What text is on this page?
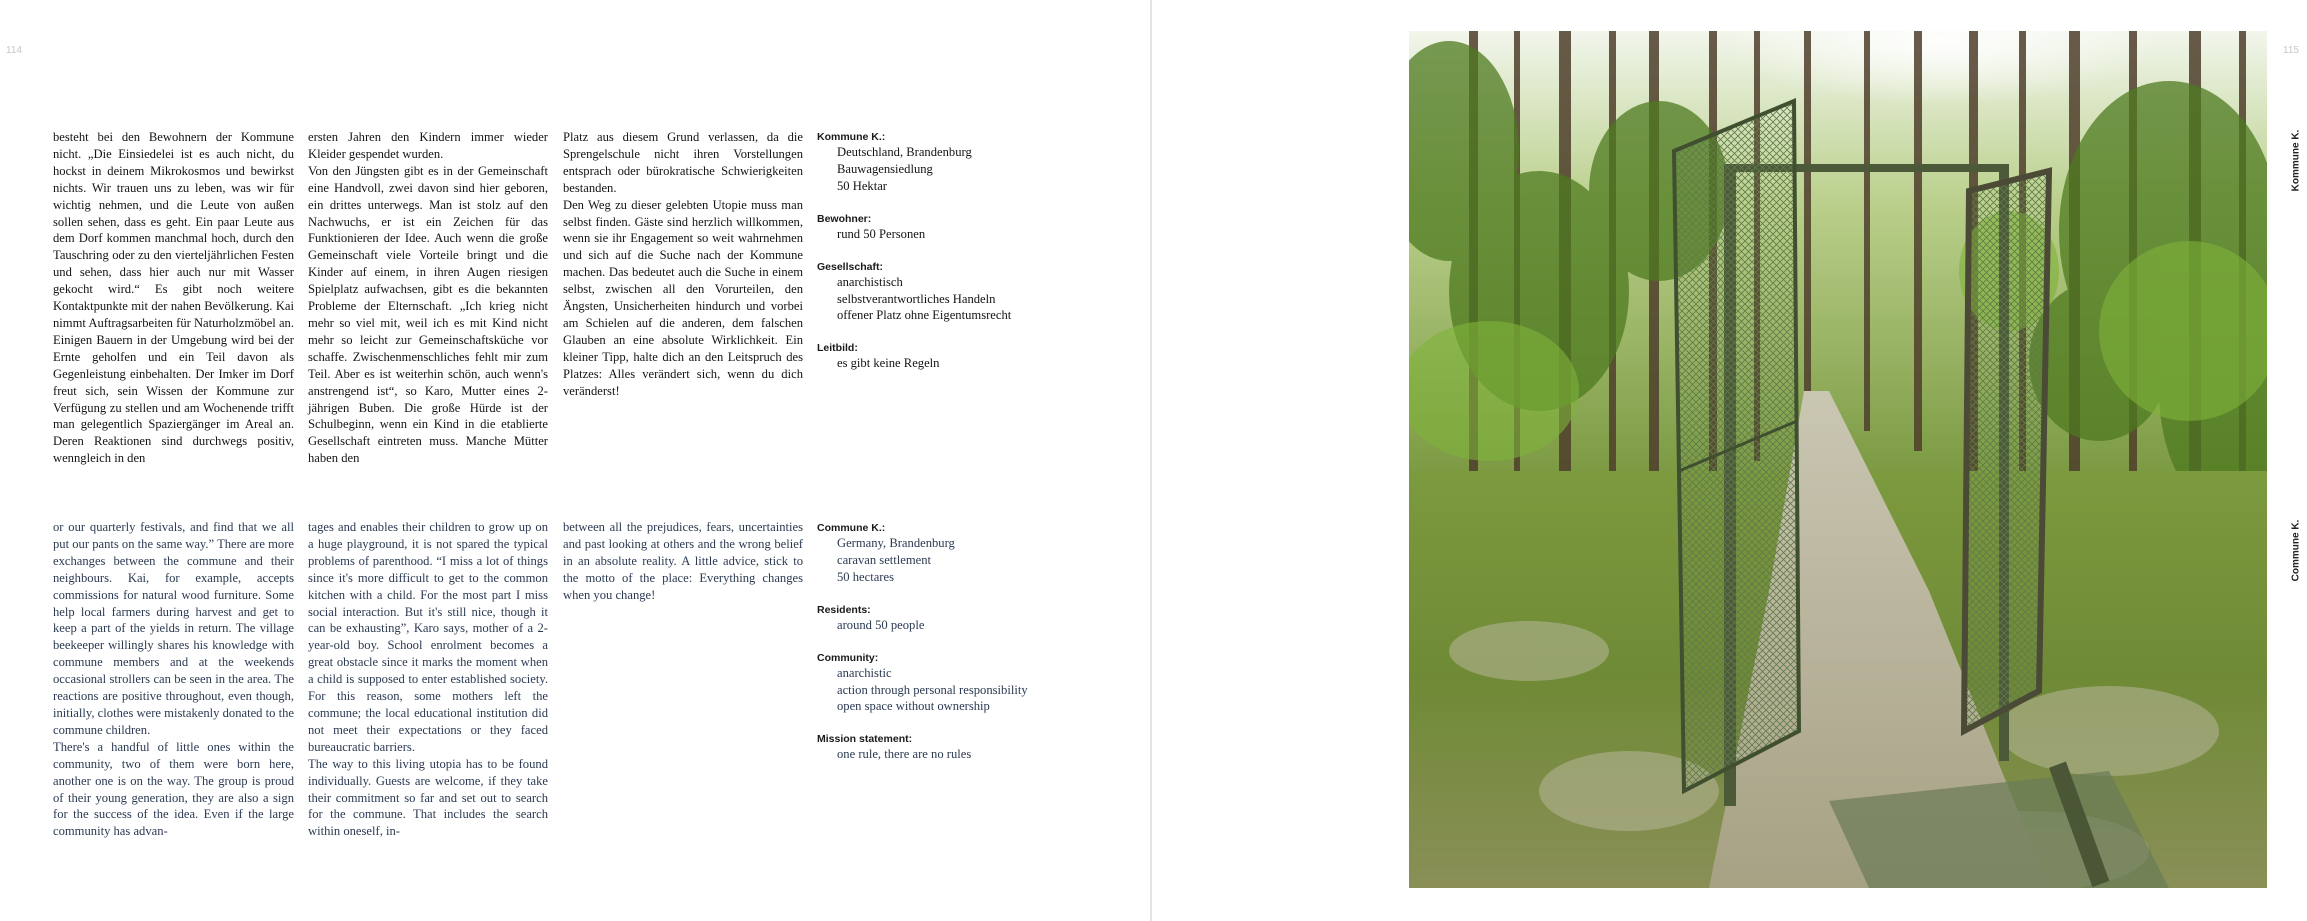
114	115

besteht bei den Bewohnern der Kommune nicht. „Die Einsiedelei ist es auch nicht, du hockst in deinem Mikrokosmos und bewirkst nichts. Wir trauen uns zu leben, was wir für wichtig nehmen, und die Leute von außen sollen sehen, dass es geht. Ein paar Leute aus dem Dorf kommen manchmal hoch, durch den Tauschring oder zu den vierteljährlichen Festen und sehen, dass hier auch nur mit Wasser gekocht wird.“ Es gibt noch weitere Kontaktpunkte mit der nahen Bevölkerung. Kai nimmt Auftragsarbeiten für Naturholzmöbel an. Einigen Bauern in der Umgebung wird bei der Ernte geholfen und ein Teil davon als Gegenleistung einbehalten. Der Imker im Dorf freut sich, sein Wissen der Kommune zur Verfügung zu stellen und am Wochenende trifft man gelegentlich Spaziergänger im Areal an. Deren Reaktionen sind durchwegs positiv, wenngleich in den

ersten Jahren den Kindern immer wieder Kleider gespendet wurden.
Von den Jüngsten gibt es in der Gemeinschaft eine Handvoll, zwei davon sind hier geboren, ein drittes unterwegs. Man ist stolz auf den Nachwuchs, er ist ein Zeichen für das Funktionieren der Idee. Auch wenn die große Gemeinschaft viele Vorteile bringt und die Kinder auf einem, in ihren Augen riesigen Spielplatz aufwachsen, gibt es die bekannten Probleme der Elternschaft. „Ich krieg nicht mehr so viel mit, weil ich es mit Kind nicht mehr so leicht zur Gemeinschaftsküche vor schaffe. Zwischenmenschliches fehlt mir zum Teil. Aber es ist weiterhin schön, auch wenn's anstrengend ist“, so Karo, Mutter eines 2-jährigen Buben. Die große Hürde ist der Schulbeginn, wenn ein Kind in die etablierte Gesellschaft eintreten muss. Manche Mütter haben den

Platz aus diesem Grund verlassen, da die Sprengelschule nicht ihren Vorstellungen entsprach oder bürokratische Schwierigkeiten bestanden.
Den Weg zu dieser gelebten Utopie muss man selbst finden. Gäste sind herzlich willkommen, wenn sie ihr Engagement so weit wahrnehmen und sich auf die Suche nach der Kommune machen. Das bedeutet auch die Suche in einem selbst, zwischen all den Vorurteilen, den Ängsten, Unsicherheiten hindurch und vorbei am Schielen auf die anderen, dem falschen Glauben an eine absolute Wirklichkeit. Ein kleiner Tipp, halte dich an den Leitspruch des Platzes: Alles verändert sich, wenn du dich veränderst!

Kommune K.:
Deutschland, Brandenburg
Bauwagensiedlung
50 Hektar
Bewohner:
rund 50 Personen
Gesellschaft:
anarchistisch
selbstverantwortliches Handeln
offener Platz ohne Eigentumsrecht
Leitbild:
es gibt keine Regeln

or our quarterly festivals, and find that we all put our pants on the same way.” There are more exchanges between the commune and their neighbours. Kai, for example, accepts commissions for natural wood furniture. Some help local farmers during harvest and get to keep a part of the yields in return. The village beekeeper willingly shares his knowledge with commune members and at the weekends occasional strollers can be seen in the area. The reactions are positive throughout, even though, initially, clothes were mistakenly donated to the commune children.
There's a handful of little ones within the community, two of them were born here, another one is on the way. The group is proud of their young generation, they are also a sign for the success of the idea. Even if the large community has advan-

tages and enables their children to grow up on a huge playground, it is not spared the typical problems of parenthood. “I miss a lot of things since it's more difficult to get to the common kitchen with a child. For the most part I miss social interaction. But it's still nice, though it can be exhausting”, Karo says, mother of a 2-year-old boy. School enrolment becomes a great obstacle since it marks the moment when a child is supposed to enter established society. For this reason, some mothers left the commune; the local educational institution did not meet their expectations or they faced bureaucratic barriers.
The way to this living utopia has to be found individually. Guests are welcome, if they take their commitment so far and set out to search for the commune. That includes the search within oneself, in-

between all the prejudices, fears, uncertainties and past looking at others and the wrong belief in an absolute reality. A little advice, stick to the motto of the place: Everything changes when you change!

Commune K.:
Germany, Brandenburg
caravan settlement
50 hectares
Residents:
around 50 people
Community:
anarchistic
action through personal responsibility
open space without ownership
Mission statement:
one rule, there are no rules
Kommune K.
Commune K.
